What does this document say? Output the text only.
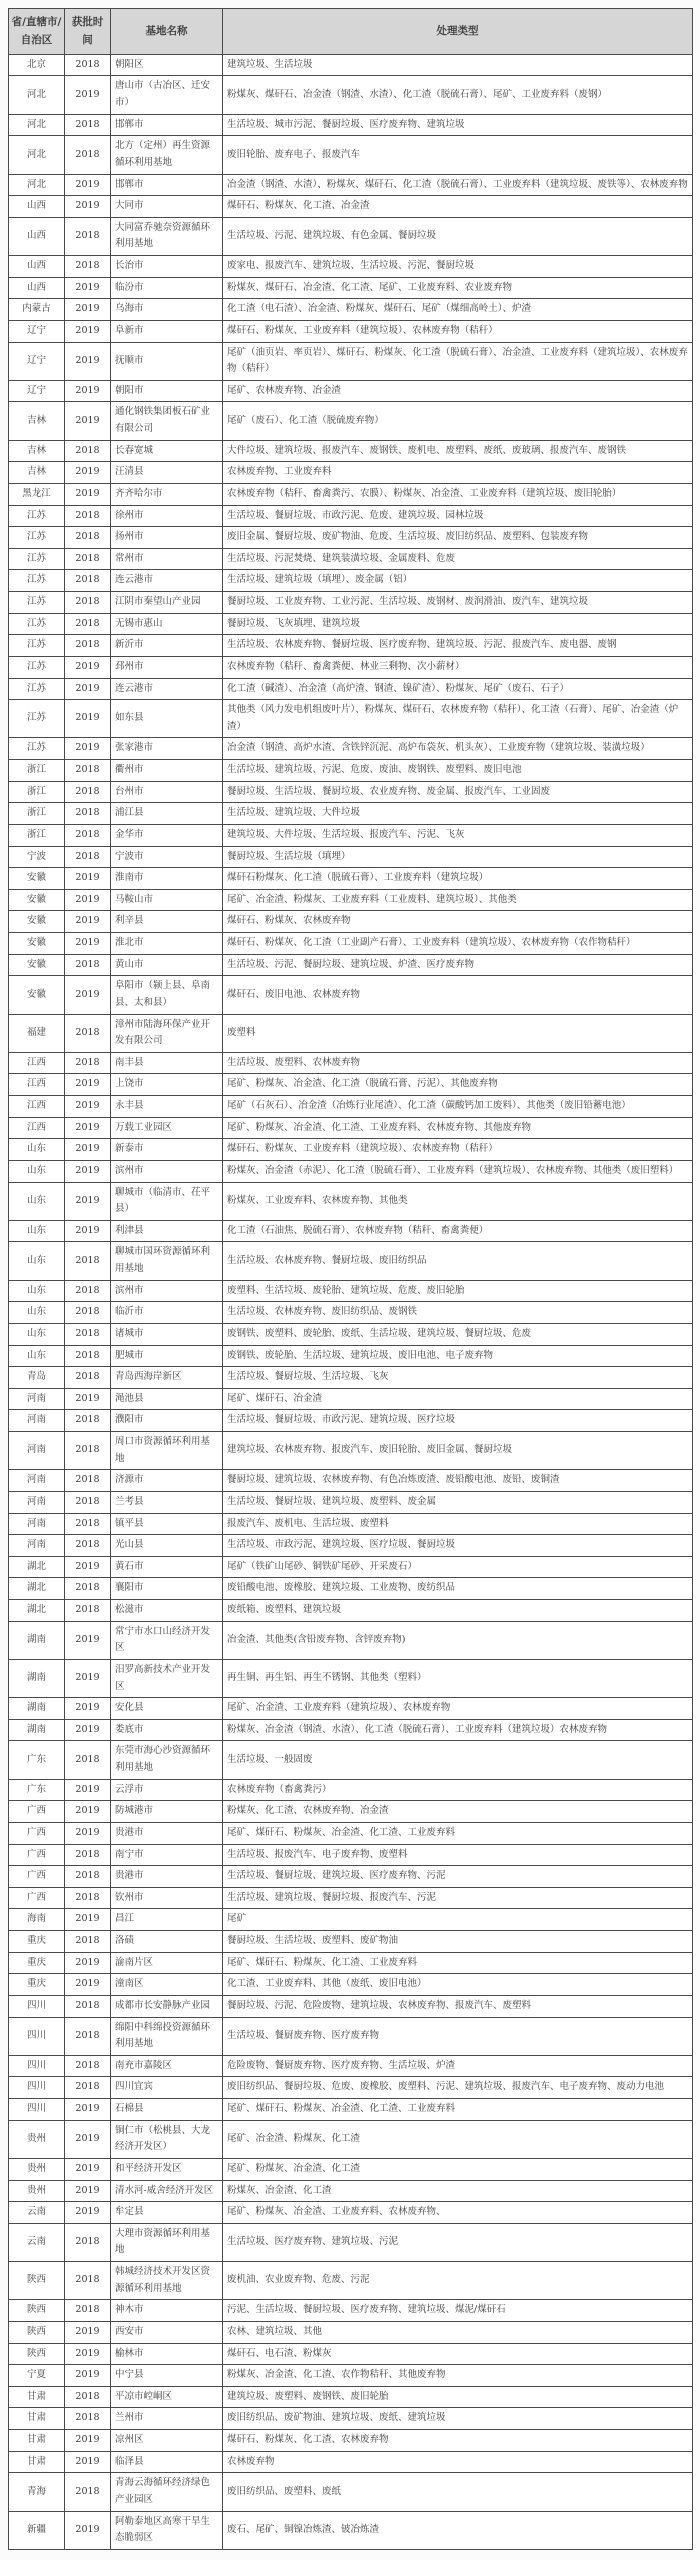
省/直辖市/自治区	获批时间	基地名称	处理类型
北京	2018	朝阳区	建筑垃圾、生活垃圾
河北	2019	唐山市（古冶区、迁安市）	粉煤灰、煤矸石、冶金渣（钢渣、水渣）、化工渣（脱硫石膏）、尾矿、工业废弃料（废钢）
河北	2018	邯郸市	生活垃圾、城市污泥、餐厨垃圾、医疗废弃物、建筑垃圾
河北	2018	北方（定州）再生资源循环利用基地	废旧轮胎、废弃电子、报废汽车
河北	2019	邯郸市	冶金渣（钢渣、水渣）、粉煤灰、煤矸石、化工渣（脱硫石膏）、工业废弃料（建筑垃圾、废铁等）、农林废弃物
山西	2019	大同市	煤矸石、粉煤灰、化工渣、冶金渣
山西	2018	大同富乔驰奈资源循环利用基地	生活垃圾、污泥、建筑垃圾、有色金属、餐厨垃圾
山西	2018	长治市	废家电、报废汽车、建筑垃圾、生活垃圾、污泥、餐厨垃圾
山西	2019	临汾市	粉煤灰、煤矸石、冶金渣、化工渣、尾矿、工业废弃料、农业废弃物
内蒙古	2019	乌海市	化工渣（电石渣）、冶金渣、粉煤灰、煤矸石、尾矿（煤细高岭土）、炉渣
辽宁	2019	阜新市	煤矸石、粉煤灰、工业废弃料（建筑垃圾）、农林废弃物（秸秆）
辽宁	2019	抚顺市	尾矿（油页岩、率页岩）、煤矸石、粉煤灰、化工渣（脱硫石膏）、冶金渣、工业废弃料（建筑垃圾）、农林废弃物（秸秆）
辽宁	2019	朝阳市	尾矿、农林废弃物、冶金渣
吉林	2019	通化钢铁集团板石矿业有限公司	尾矿（废石）、化工渣（脱硫废弃物）
吉林	2018	长春宽城	大件垃圾、建筑垃圾、报废汽车、废钢铁、废机电、废塑料、废纸、废玻璃、报废汽车、废钢铁
吉林	2019	汪清县	农林废弃物、工业废弃料
黑龙江	2019	齐齐哈尔市	农林废弃物（秸秆、畜禽粪污、农膜）、粉煤灰、冶金渣、工业废弃料（建筑垃圾、废旧轮胎）
江苏	2018	徐州市	生活垃圾、餐厨垃圾、市政污泥、危废、建筑垃圾、园林垃圾
江苏	2018	扬州市	废旧金属、餐厨垃圾、废矿物油、危废、生活垃圾、废旧纺织品、废塑料、包装废弃物
江苏	2018	常州市	生活垃圾、污泥焚烧、建筑装潢垃圾、金属废料、危废
江苏	2018	连云港市	生活垃圾、建筑垃圾（填埋）、废金属（铝）
江苏	2018	江阴市秦望山产业园	餐厨垃圾、工业废弃物、工业污泥、生活垃圾、废钢材、废润滑油、废汽车、建筑垃圾
江苏	2018	无锡市惠山	餐厨垃圾、飞灰填埋、建筑垃圾
江苏	2018	新沂市	生活垃圾、农林废弃物、餐厨垃圾、医疗废弃物、建筑垃圾、污泥、报废汽车、废电器、废钢
江苏	2019	邳州市	农林废弃物（秸秆、畜禽粪便、林业三剩物、次小薪材）
江苏	2019	连云港市	化工渣（碱渣）、冶金渣（高炉渣、钢渣、镍矿渣）、粉煤灰、尾矿（废石、石子）
江苏	2019	如东县	其他类（风力发电机组废叶片）、粉煤灰、煤矸石、农林废弃物（秸秆）、化工渣（石膏）、尾矿、冶金渣（炉渣）
江苏	2019	张家港市	冶金渣（钢渣、高炉水渣、含铁锌沉泥、高炉布袋灰、机头灰）、工业废弃物（建筑垃圾、装潢垃圾）
浙江	2018	衢州市	生活垃圾、建筑垃圾、污泥、危废、废油、废钢铁、废塑料、废旧电池
浙江	2018	台州市	餐厨垃圾、生活垃圾、餐厨垃圾、农业废弃物、废金属、报废汽车、工业固废
浙江	2018	浦江县	生活垃圾、建筑垃圾、大件垃圾
浙江	2018	金华市	建筑垃圾、大件垃圾、生活垃圾、报废汽车、污泥、飞灰
宁波	2018	宁波市	餐厨垃圾、生活垃圾（填埋）
安徽	2019	淮南市	煤矸石粉煤灰、化工渣（脱硫石膏）、工业废弃料（建筑垃圾）
安徽	2019	马鞍山市	尾矿、冶金渣、粉煤灰、工业废弃料（工业废料、建筑垃圾）、其他类
安徽	2019	利辛县	煤矸石、粉煤灰、农林废弃物
安徽	2019	淮北市	煤矸石、粉煤灰、化工渣（工业副产石膏）、工业废弃料（建筑垃圾）、农林废弃物（农作物秸秆）
安徽	2018	黄山市	生活垃圾、污泥、餐厨垃圾、建筑垃圾、炉渣、医疗废弃物
安徽	2019	阜阳市（颍上县、阜南县、太和县）	煤矸石、废旧电池、农林废弃物
福建	2018	漳州市陆海环保产业开发有限公司	废塑料
江西	2018	南丰县	生活垃圾、废塑料、农林废弃物
江西	2019	上饶市	尾矿、粉煤灰、冶金渣、化工渣（脱硫石膏、污泥）、其他废弃物
江西	2019	永丰县	尾矿（石灰石）、冶金渣（冶炼行业尾渣）、化工渣（碳酸钙加工废料）、其他类（废旧铅蓄电池）
江西	2019	万载工业园区	尾矿、粉煤灰、冶金渣、化工渣、工业废弃料、农林废弃物、其他废弃物
山东	2019	新泰市	煤矸石、粉煤灰、工业废弃料（建筑垃圾）、农林废弃物（秸秆）
山东	2019	滨州市	粉煤灰、冶金渣（赤泥）、化工渣（脱硫石膏）、工业废弃料（建筑垃圾）、农林废弃物、其他类（废旧塑料）
山东	2019	聊城市（临清市、茌平县）	粉煤灰、工业废弃料、农林废弃物、其他类
山东	2019	利津县	化工渣（石油焦、脱硫石膏）、农林废弃物（秸秆、畜禽粪便）
山东	2018	聊城市国环资源循环利用基地	生活垃圾、农林废弃物、餐厨垃圾、废旧纺织品
山东	2018	滨州市	废塑料、生活垃圾、废轮胎、建筑垃圾、危废、废旧轮胎
山东	2018	临沂市	生活垃圾、农林废弃物、废旧纺织品、废钢铁
山东	2018	诸城市	废钢铁、废塑料、废轮胎、废纸、生活垃圾、建筑垃圾、餐厨垃圾、危废
山东	2018	肥城市	废钢铁、废轮胎、生活垃圾、建筑垃圾、废旧电池、电子废弃物
青岛	2018	青岛西海岸新区	生活垃圾、餐厨垃圾、生活垃圾、飞灰
河南	2019	渑池县	尾矿、煤矸石、冶金渣
河南	2018	濮阳市	生活垃圾、餐厨垃圾、市政污泥、建筑垃圾、医疗垃圾
河南	2018	周口市资源循环利用基地	建筑垃圾、农林废弃物、报废汽车、废旧轮胎、废旧金属、餐厨垃圾
河南	2018	济源市	餐厨垃圾、建筑垃圾、农林废弃物、有色冶炼废渣、废铅酸电池、废铅、废铜渣
河南	2018	兰考县	生活垃圾、餐厨垃圾、建筑垃圾、废塑料、废金属
河南	2018	镇平县	报废汽车、废机电、生活垃圾、废塑料
河南	2018	光山县	生活垃圾、市政污泥、建筑垃圾、医疗垃圾、餐厨垃圾
湖北	2019	黄石市	尾矿（铁矿山尾砂、铜铁矿尾砂、开采废石）
湖北	2018	襄阳市	废铅酸电池、废橡胶、建筑垃圾、工业废物、废纺织品
湖北	2018	松滋市	废纸箱、废塑料、建筑垃圾
湖南	2019	常宁市水口山经济开发区	冶金渣、其他类(含铅废弃物、含锌废弃物)
湖南	2019	汨罗高新技术产业开发区	再生铜、再生铝、再生不锈钢、其他类（塑料）
湖南	2019	安化县	尾矿、冶金渣、工业废弃料（建筑垃圾）、农林废弃物
湖南	2019	娄底市	粉煤灰、冶金渣（钢渣、水渣）、化工渣（脱硫石膏）、工业废弃料（建筑垃圾）农林废弃物
广东	2018	东莞市海心沙资源循环利用基地	生活垃圾、一般固废
广东	2019	云浮市	农林废弃物（畜禽粪污）
广西	2019	防城港市	粉煤灰、化工渣、农林废弃物、冶金渣
广西	2019	贵港市	尾矿、煤矸石、粉煤灰、冶金渣、化工渣、工业废弃料
广西	2018	南宁市	生活垃圾、报废汽车、电子废弃物、废塑料
广西	2018	贵港市	生活垃圾、餐厨垃圾、建筑垃圾、医疗废弃物、污泥
广西	2018	钦州市	生活垃圾、建筑垃圾、餐厨垃圾、报废汽车、污泥
海南	2019	昌江	尾矿
重庆	2018	洛碛	餐厨垃圾、生活垃圾、废塑料、废矿物油
重庆	2019	渝南片区	尾矿、煤矸石、粉煤灰、化工渣、工业废弃料
重庆	2019	潼南区	化工渣、工业废弃料、其他（废纸、废旧电池）
四川	2018	成都市长安静脉产业园	餐厨垃圾、污泥、危险废物、建筑垃圾、农林废弃物、报废汽车、废塑料
四川	2018	绵阳中科绵投资源循环利用基地	生活垃圾、餐厨废弃物、医疗废弃物
四川	2018	南充市嘉陵区	危险废物、餐厨废弃物、医疗废弃物、生活垃圾、炉渣
四川	2018	四川宜宾	废旧纺织品、餐厨垃圾、危废、废橡胶、废塑料、污泥、建筑垃圾、报废汽车、电子废弃物、废动力电池
四川	2019	石棉县	尾矿、煤矸石、粉煤灰、冶金渣、化工渣、工业废弃料
贵州	2019	铜仁市（松桃县、大龙经济开发区）	尾矿、冶金渣、粉煤灰、化工渣
贵州	2019	和平经济开发区	尾矿、粉煤灰、冶金渣、化工渣
贵州	2019	清水河-威舍经济开发区	粉煤灰、冶金渣、化工渣
云南	2019	牟定县	尾矿、粉煤灰、冶金渣、工业废弃料、农林废弃物、
云南	2018	大理市资源循环利用基地	生活垃圾、医疗废弃物、建筑垃圾、污泥
陕西	2018	韩城经济技术开发区资源循环利用基地	废机油、农业废弃物、危废、污泥
陕西	2018	神木市	污泥、生活垃圾、餐厨垃圾、医疗废弃物、建筑垃圾、煤泥/煤矸石
陕西	2019	西安市	农林、建筑垃圾、其他
陕西	2019	榆林市	煤矸石、电石渣、粉煤灰
宁夏	2019	中宁县	粉煤灰、冶金渣、化工渣、农作物秸秆、其他废弃物
甘肃	2018	平凉市崆峒区	建筑垃圾、废塑料、废钢铁、废旧轮胎
甘肃	2018	兰州市	废旧纺织品、废矿物油、建筑垃圾、废纸、建筑垃圾
甘肃	2019	凉州区	煤矸石、粉煤灰、化工渣、农林废弃物
甘肃	2019	临泽县	农林废弃物
青海	2018	青海云海循环经济绿色产业园区	废旧纺织品、废塑料、废纸
新疆	2019	阿勒泰地区高寒干旱生态脆弱区	废石、尾矿、铜镍冶炼渣、铍冶炼渣
